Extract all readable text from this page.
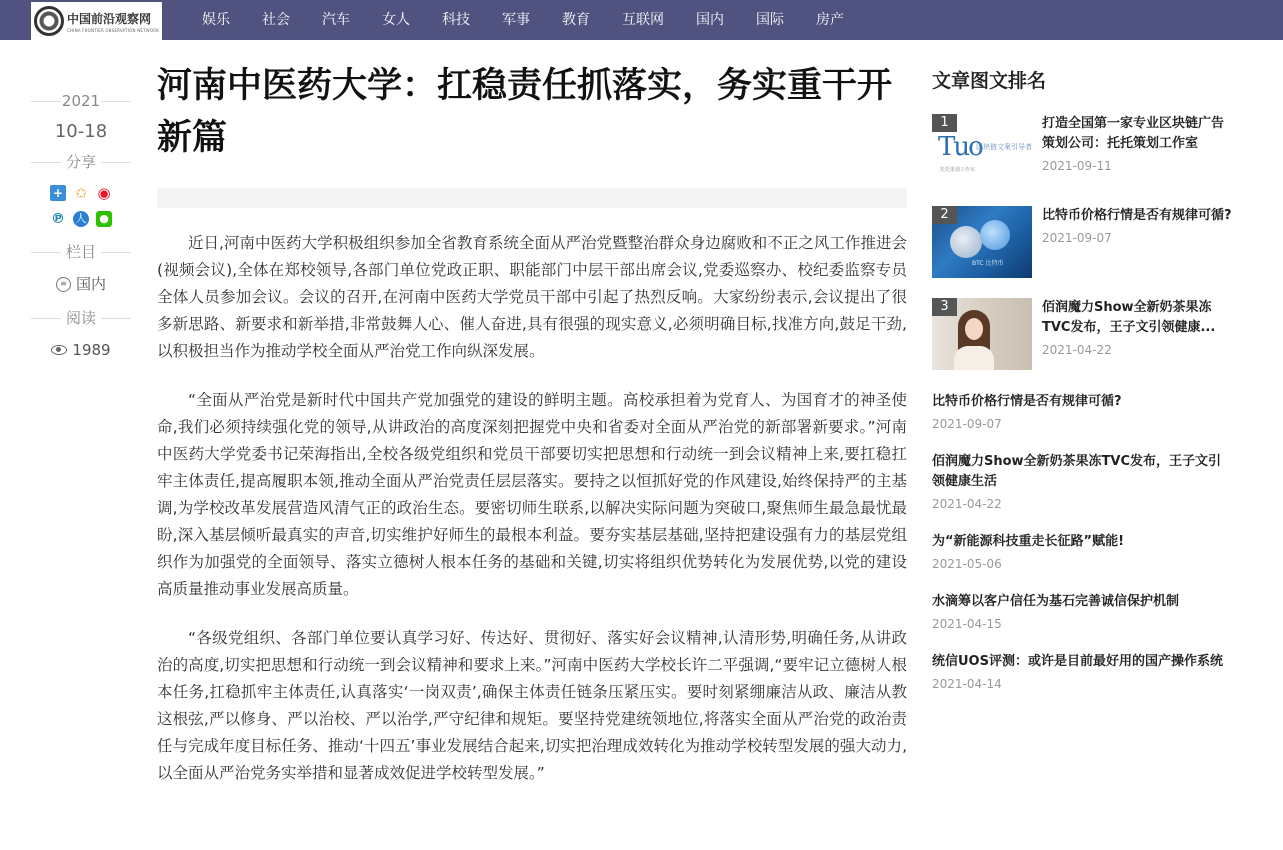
中国前沿观察网
CHINA FRONTIER OBSERVATION NETWORK
娱乐	社会	汽车	女人	科技	军事	教育	互联网	国内	国际	房产
2021
10-18
分享
+ ✩ ◉
℗ 人 ●
栏目
≡ 国内
阅读
1989
河南中医药大学：扛稳责任抓落实，务实重干开新篇

近日,河南中医药大学积极组织参加全省教育系统全面从严治党暨整治群众身边腐败和不正之风工作推进会(视频会议),全体在郑校领导,各部门单位党政正职、职能部门中层干部出席会议,党委巡察办、校纪委监察专员全体人员参加会议。会议的召开,在河南中医药大学党员干部中引起了热烈反响。大家纷纷表示,会议提出了很多新思路、新要求和新举措,非常鼓舞人心、催人奋进,具有很强的现实意义,必须明确目标,找准方向,鼓足干劲,以积极担当作为推动学校全面从严治党工作向纵深发展。

“全面从严治党是新时代中国共产党加强党的建设的鲜明主题。高校承担着为党育人、为国育才的神圣使命,我们必须持续强化党的领导,从讲政治的高度深刻把握党中央和省委对全面从严治党的新部署新要求。”河南中医药大学党委书记荣海指出,全校各级党组织和党员干部要切实把思想和行动统一到会议精神上来,要扛稳扛牢主体责任,提高履职本领,推动全面从严治党责任层层落实。要持之以恒抓好党的作风建设,始终保持严的主基调,为学校改革发展营造风清气正的政治生态。要密切师生联系,以解决实际问题为突破口,聚焦师生最急最忧最盼,深入基层倾听最真实的声音,切实维护好师生的最根本利益。要夯实基层基础,坚持把建设强有力的基层党组织作为加强党的全面领导、落实立德树人根本任务的基础和关键,切实将组织优势转化为发展优势,以党的建设高质量推动事业发展高质量。

“各级党组织、各部门单位要认真学习好、传达好、贯彻好、落实好会议精神,认清形势,明确任务,从讲政治的高度,切实把思想和行动统一到会议精神和要求上来。”河南中医药大学校长许二平强调,“要牢记立德树人根本任务,扛稳抓牢主体责任,认真落实‘一岗双责’,确保主体责任链条压紧压实。要时刻紧绷廉洁从政、廉洁从教这根弦,严以修身、严以治校、严以治学,严守纪律和规矩。要坚持党建统领地位,将落实全面从严治党的政治责任与完成年度目标任务、推动‘十四五’事业发展结合起来,切实把治理成效转化为推动学校转型发展的强大动力,以全面从严治党务实举措和显著成效促进学校转型发展。”

文章图文排名
1
Tuo
区块链文案引导者
托托策划工作室
打造全国第一家专业区块链广告策划公司：托托策划工作室
2021-09-11
2
BTC 比特币
比特币价格行情是否有规律可循?
2021-09-07
3	佰润魔力Show全新奶茶果冻TVC发布，王子文引领健康...
2021-04-22
比特币价格行情是否有规律可循?
2021-09-07
佰润魔力Show全新奶茶果冻TVC发布，王子文引领健康生活
2021-04-22
为“新能源科技重走长征路”赋能!
2021-05-06
水滴筹以客户信任为基石完善诚信保护机制
2021-04-15
统信UOS评测：或许是目前最好用的国产操作系统
2021-04-14
